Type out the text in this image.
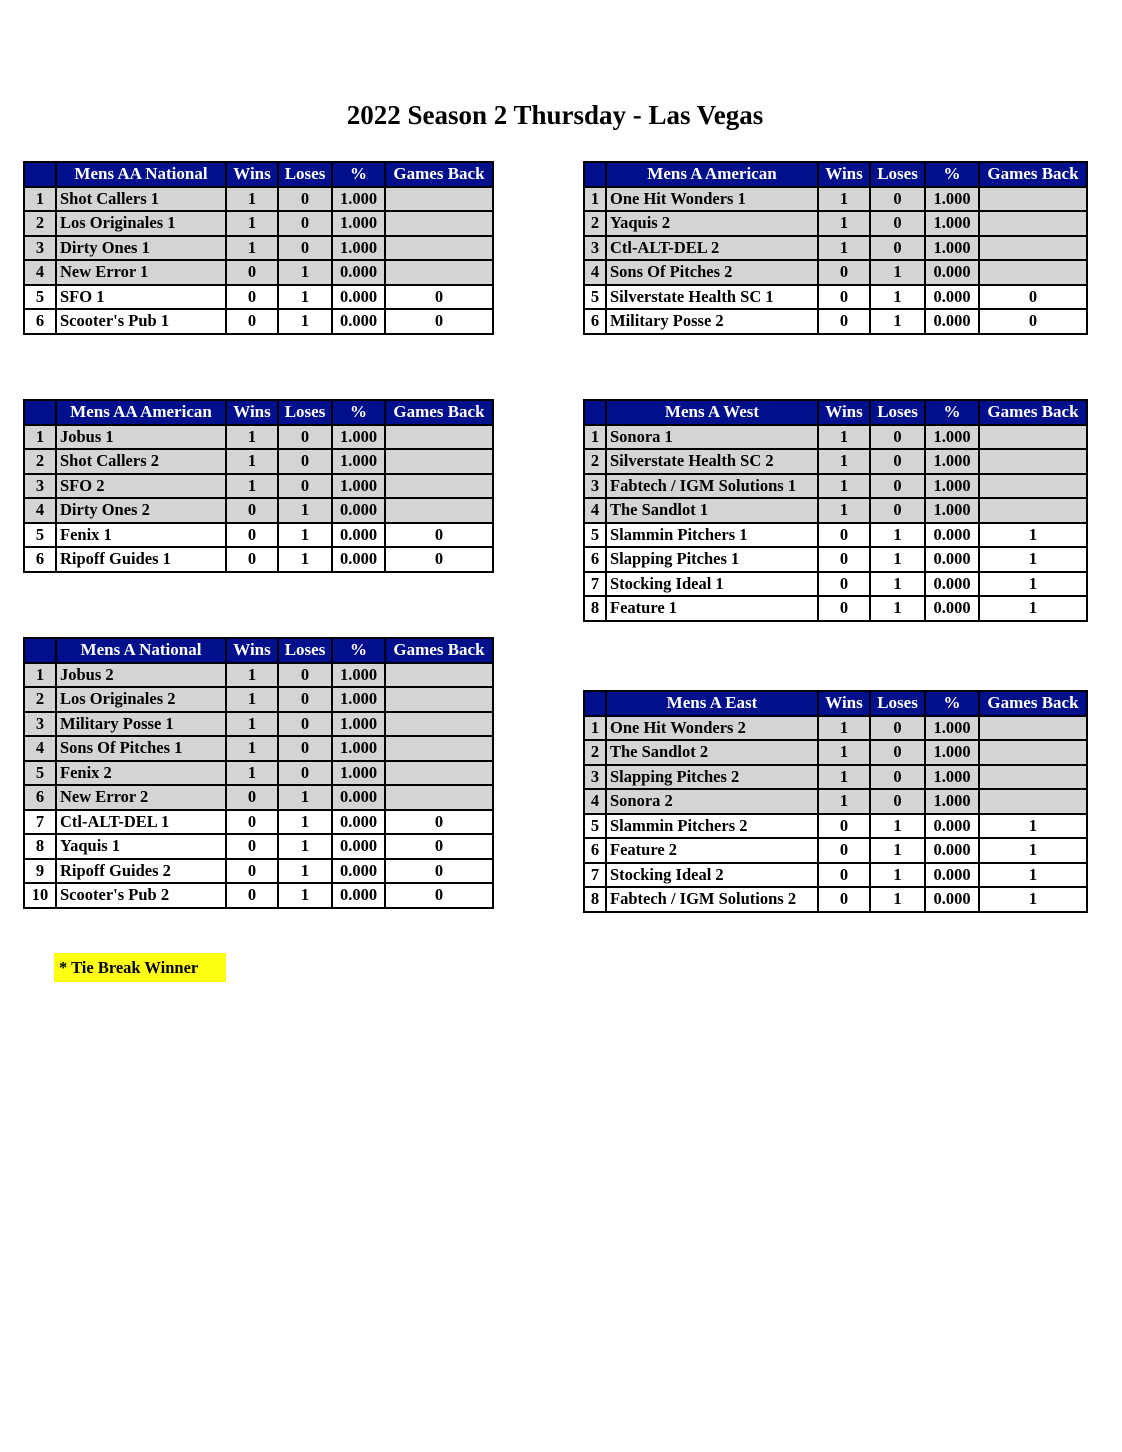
2022 Season 2 Thursday - Las Vegas
	Mens AA National	Wins	Loses	%	Games Back
1	Shot Callers 1	1	0	1.000	
2	Los Originales 1	1	0	1.000	
3	Dirty Ones 1	1	0	1.000	
4	New Error 1	0	1	0.000	
5	SFO 1	0	1	0.000	0
6	Scooter's Pub 1	0	1	0.000	0
	Mens AA American	Wins	Loses	%	Games Back
1	Jobus 1	1	0	1.000	
2	Shot Callers 2	1	0	1.000	
3	SFO 2	1	0	1.000	
4	Dirty Ones 2	0	1	0.000	
5	Fenix 1	0	1	0.000	0
6	Ripoff Guides 1	0	1	0.000	0
	Mens A National	Wins	Loses	%	Games Back
1	Jobus 2	1	0	1.000	
2	Los Originales 2	1	0	1.000	
3	Military Posse 1	1	0	1.000	
4	Sons Of Pitches 1	1	0	1.000	
5	Fenix 2	1	0	1.000	
6	New Error 2	0	1	0.000	
7	Ctl-ALT-DEL 1	0	1	0.000	0
8	Yaquis 1	0	1	0.000	0
9	Ripoff Guides 2	0	1	0.000	0
10	Scooter's Pub 2	0	1	0.000	0
	Mens A American	Wins	Loses	%	Games Back
1	One Hit Wonders 1	1	0	1.000	
2	Yaquis 2	1	0	1.000	
3	Ctl-ALT-DEL 2	1	0	1.000	
4	Sons Of Pitches 2	0	1	0.000	
5	Silverstate Health SC 1	0	1	0.000	0
6	Military Posse 2	0	1	0.000	0
	Mens A West	Wins	Loses	%	Games Back
1	Sonora 1	1	0	1.000	
2	Silverstate Health SC 2	1	0	1.000	
3	Fabtech / IGM Solutions 1	1	0	1.000	
4	The Sandlot 1	1	0	1.000	
5	Slammin Pitchers 1	0	1	0.000	1
6	Slapping Pitches 1	0	1	0.000	1
7	Stocking Ideal 1	0	1	0.000	1
8	Feature 1	0	1	0.000	1
	Mens A East	Wins	Loses	%	Games Back
1	One Hit Wonders 2	1	0	1.000	
2	The Sandlot 2	1	0	1.000	
3	Slapping Pitches 2	1	0	1.000	
4	Sonora 2	1	0	1.000	
5	Slammin Pitchers 2	0	1	0.000	1
6	Feature 2	0	1	0.000	1
7	Stocking Ideal 2	0	1	0.000	1
8	Fabtech / IGM Solutions 2	0	1	0.000	1
* Tie Break Winner
